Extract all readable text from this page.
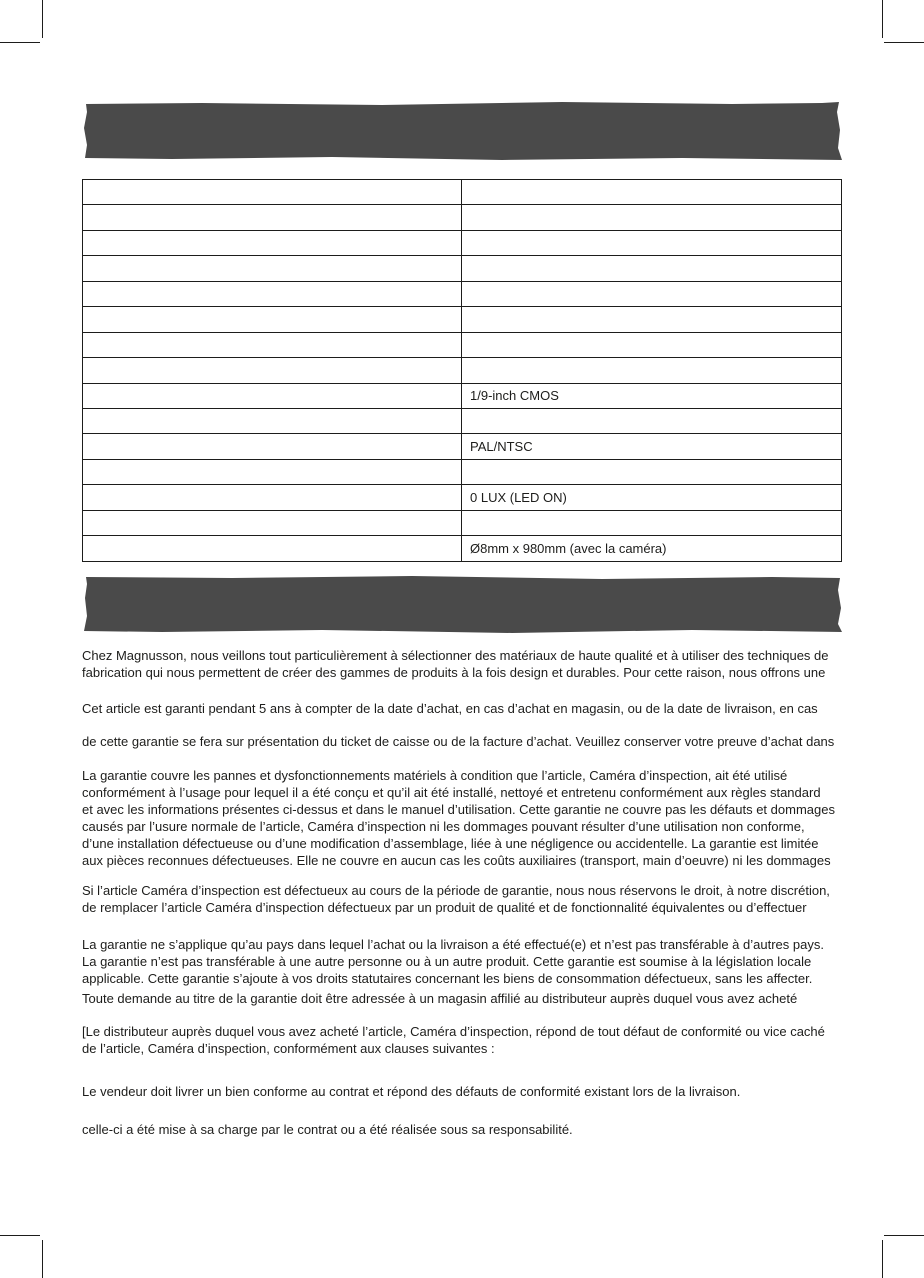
	1/9-inch CMOS

	PAL/NTSC

	0 LUX (LED ON)

	Ø8mm x 980mm (avec la caméra)
Chez Magnusson, nous veillons tout particulièrement à sélectionner des matériaux de haute qualité et à utiliser des techniques de
fabrication qui nous permettent de créer des gammes de produits à la fois design et durables. Pour cette raison, nous offrons une
Cet article est garanti pendant 5 ans à compter de la date d’achat, en cas d’achat en magasin, ou de la date de livraison, en cas
de cette garantie se fera sur présentation du ticket de caisse ou de la facture d’achat. Veuillez conserver votre preuve d’achat dans
La garantie couvre les pannes et dysfonctionnements matériels à condition que l’article, Caméra d’inspection, ait été utilisé
conformément à l’usage pour lequel il a été conçu et qu’il ait été installé, nettoyé et entretenu conformément aux règles standard
et avec les informations présentes ci-dessus et dans le manuel d’utilisation. Cette garantie ne couvre pas les défauts et dommages
causés par l’usure normale de l’article, Caméra d’inspection ni les dommages pouvant résulter d’une utilisation non conforme,
d’une installation défectueuse ou d’une modification d’assemblage, liée à une négligence ou accidentelle. La garantie est limitée
aux pièces reconnues défectueuses. Elle ne couvre en aucun cas les coûts auxiliaires (transport, main d’oeuvre) ni les dommages
Si l’article Caméra d’inspection est défectueux au cours de la période de garantie, nous nous réservons le droit, à notre discrétion,
de remplacer l’article Caméra d’inspection défectueux par un produit de qualité et de fonctionnalité équivalentes ou d’effectuer
La garantie ne s’applique qu’au pays dans lequel l’achat ou la livraison a été effectué(e) et n’est pas transférable à d’autres pays.
La garantie n’est pas transférable à une autre personne ou à un autre produit. Cette garantie est soumise à la législation locale
applicable. Cette garantie s’ajoute à vos droits statutaires concernant les biens de consommation défectueux, sans les affecter.
Toute demande au titre de la garantie doit être adressée à un magasin affilié au distributeur auprès duquel vous avez acheté
[Le distributeur auprès duquel vous avez acheté l’article, Caméra d’inspection, répond de tout défaut de conformité ou vice caché
de l’article, Caméra d’inspection, conformément aux clauses suivantes :
Le vendeur doit livrer un bien conforme au contrat et répond des défauts de conformité existant lors de la livraison.
celle-ci a été mise à sa charge par le contrat ou a été réalisée sous sa responsabilité.
